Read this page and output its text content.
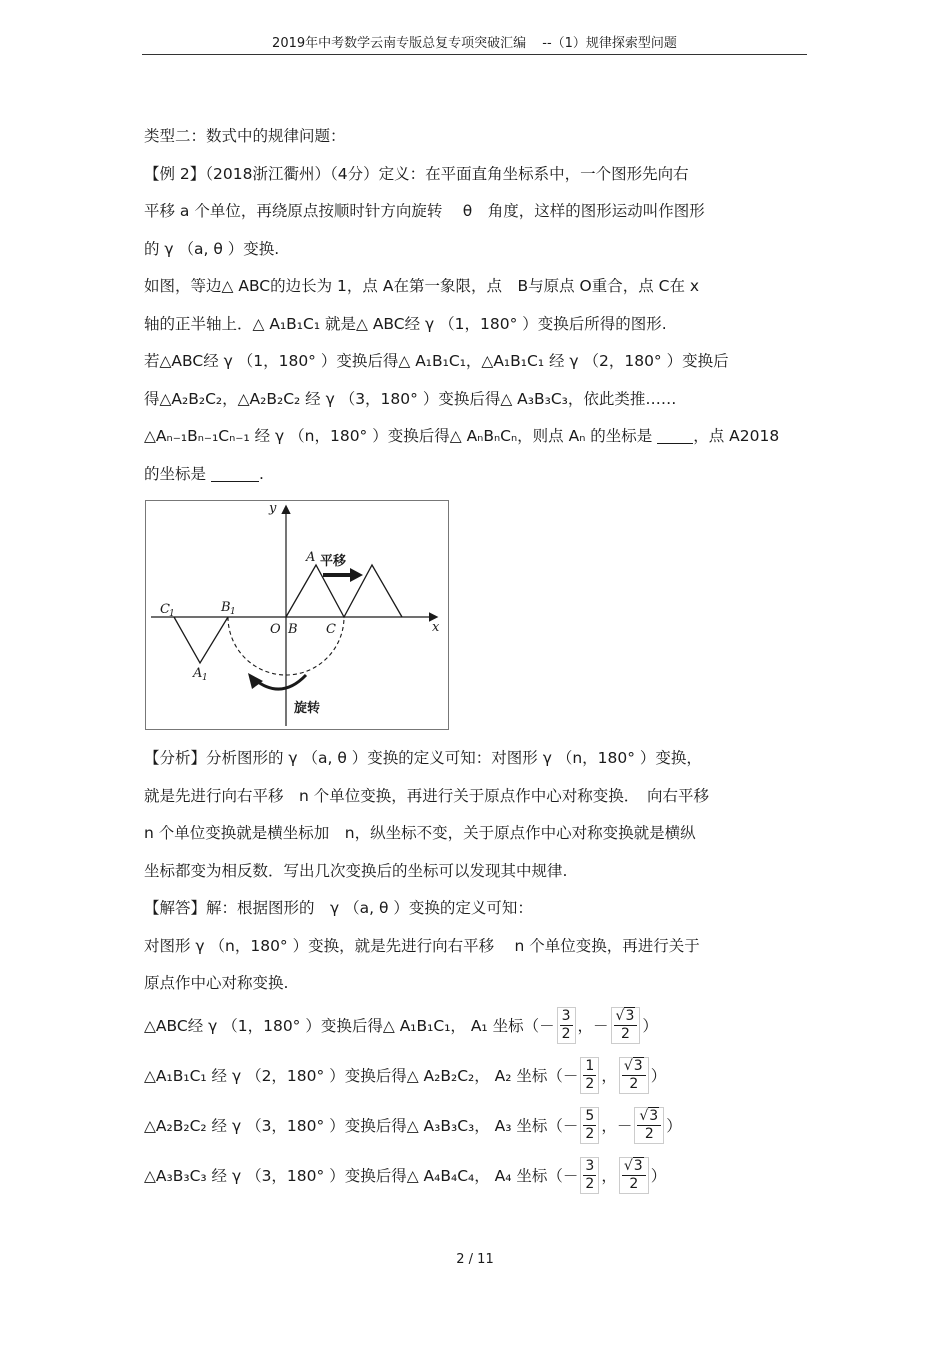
2019年中考数学云南专版总复专项突破汇编 --（1）规律探索型问题
类型二：数式中的规律问题：
【例 2】（2018浙江衢州）（4分）定义：在平面直角坐标系中，一个图形先向右
平移 a 个单位，再绕原点按顺时针方向旋转　 θ　角度，这样的图形运动叫作图形
的 γ （a, θ ）变换.
如图，等边△ ABC的边长为 1，点 A在第一象限，点　B与原点 O重合，点 C在 x
轴的正半轴上．△ A₁B₁C₁ 就是△ ABC经 γ （1，180° ）变换后所得的图形.
若△ABC经 γ （1，180° ）变换后得△ A₁B₁C₁，△A₁B₁C₁ 经 γ （2，180° ）变换后
得△A₂B₂C₂，△A₂B₂C₂ 经 γ （3，180° ）变换后得△ A₃B₃C₃，依此类推……
△Aₙ₋₁Bₙ₋₁Cₙ₋₁ 经 γ （n，180° ）变换后得△ AₙBₙCₙ，则点 Aₙ 的坐标是	，点 A2018
的坐标是	.
y
x
A 平移
C 1	B 1
A 1
O B C
旋转
【分析】分析图形的 γ （a, θ ）变换的定义可知：对图形 γ （n，180° ）变换，
就是先进行向右平移　n 个单位变换，再进行关于原点作中心对称变换．　向右平移
n 个单位变换就是横坐标加　n，纵坐标不变，关于原点作中心对称变换就是横纵
坐标都变为相反数．写出几次变换后的坐标可以发现其中规律.
【解答】解：根据图形的　γ （a, θ ）变换的定义可知：
对图形 γ （n，180° ）变换，就是先进行向右平移　 n 个单位变换，再进行关于
原点作中心对称变换.
△ABC经 γ （1，180° ）变换后得△ A₁B₁C₁， A₁ 坐标（－ $\frac{3}{2}$ ，－ $\frac{√3}{2}$ ）
△A₁B₁C₁ 经 γ （2，180° ）变换后得△ A₂B₂C₂， A₂ 坐标（－ $\frac{1}{2}$ ， $\frac{√3}{2}$ ）
△A₂B₂C₂ 经 γ （3，180° ）变换后得△ A₃B₃C₃， A₃ 坐标（－ $\frac{5}{2}$ ，－ $\frac{√3}{2}$ ）
△A₃B₃C₃ 经 γ （3，180° ）变换后得△ A₄B₄C₄， A₄ 坐标（－ $\frac{3}{2}$ ， $\frac{√3}{2}$ ）
2 / 11
